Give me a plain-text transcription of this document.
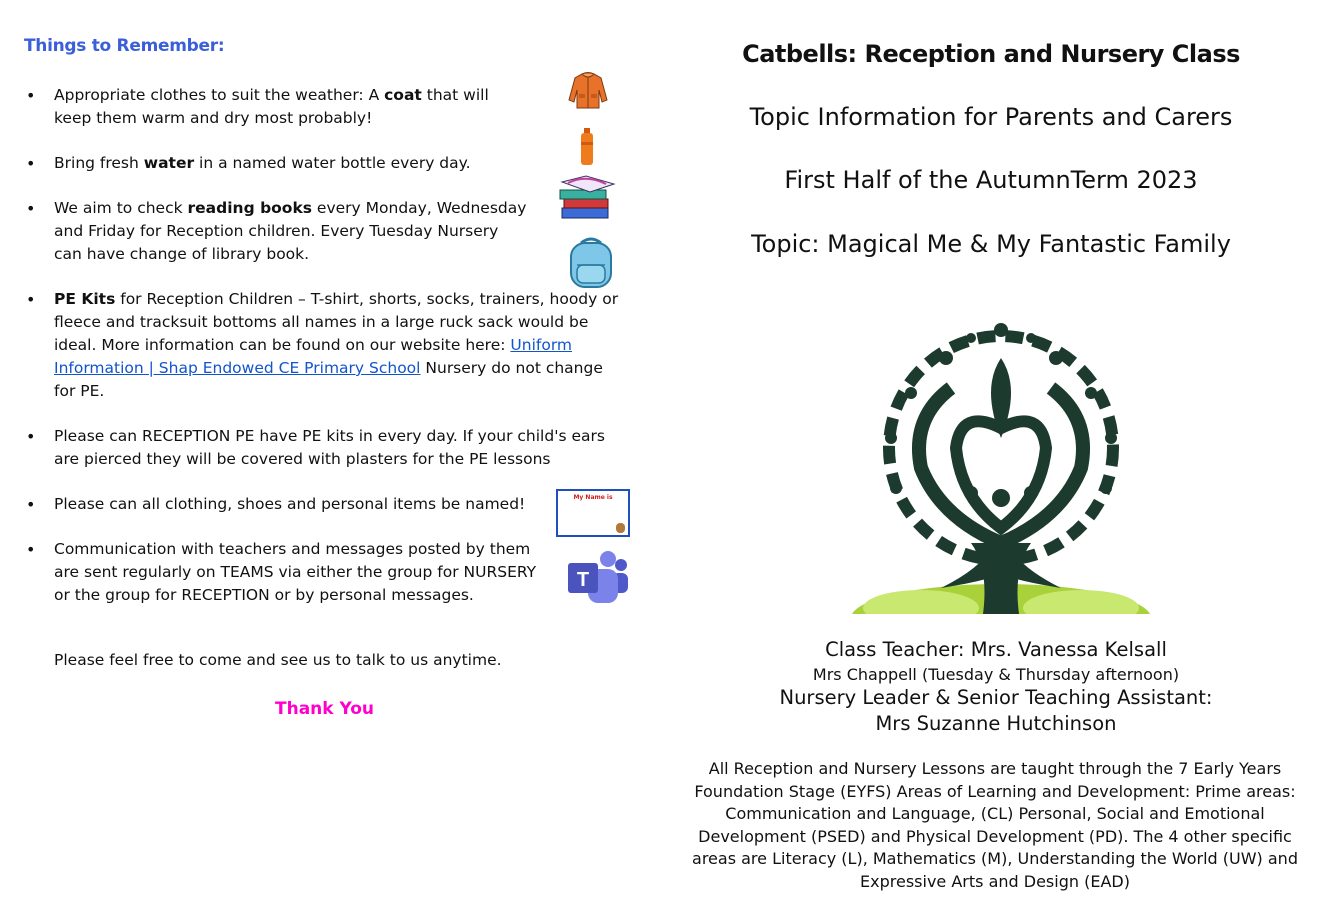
Things to Remember:
• Appropriate clothes to suit the weather: A coat that will keep them warm and dry most probably!
• Bring fresh water in a named water bottle every day.
• We aim to check reading books every Monday, Wednesday and Friday for Reception children. Every Tuesday Nursery can have change of library book.
• PE Kits for Reception Children – T-shirt, shorts, socks, trainers, hoody or fleece and tracksuit bottoms all names in a large ruck sack would be ideal. More information can be found on our website here: Uniform Information | Shap Endowed CE Primary School Nursery do not change for PE.
• Please can RECEPTION PE have PE kits in every day. If your child's ears are pierced they will be covered with plasters for the PE lessons
• Please can all clothing, shoes and personal items be named!
• Communication with teachers and messages posted by them are sent regularly on TEAMS via either the group for NURSERY or the group for RECEPTION or by personal messages.
Please feel free to come and see us to talk to us anytime.
Thank You
My Name is
T
Catbells: Reception and Nursery Class
Topic Information for Parents and Carers
First Half of the AutumnTerm 2023
Topic: Magical Me & My Fantastic Family
Class Teacher: Mrs. Vanessa Kelsall
Mrs Chappell (Tuesday & Thursday afternoon)
Nursery Leader & Senior Teaching Assistant:
Mrs Suzanne Hutchinson
All Reception and Nursery Lessons are taught through the 7 Early Years Foundation Stage (EYFS) Areas of Learning and Development: Prime areas: Communication and Language, (CL) Personal, Social and Emotional Development (PSED) and Physical Development (PD). The 4 other specific areas are Literacy (L), Mathematics (M), Understanding the World (UW) and Expressive Arts and Design (EAD)
